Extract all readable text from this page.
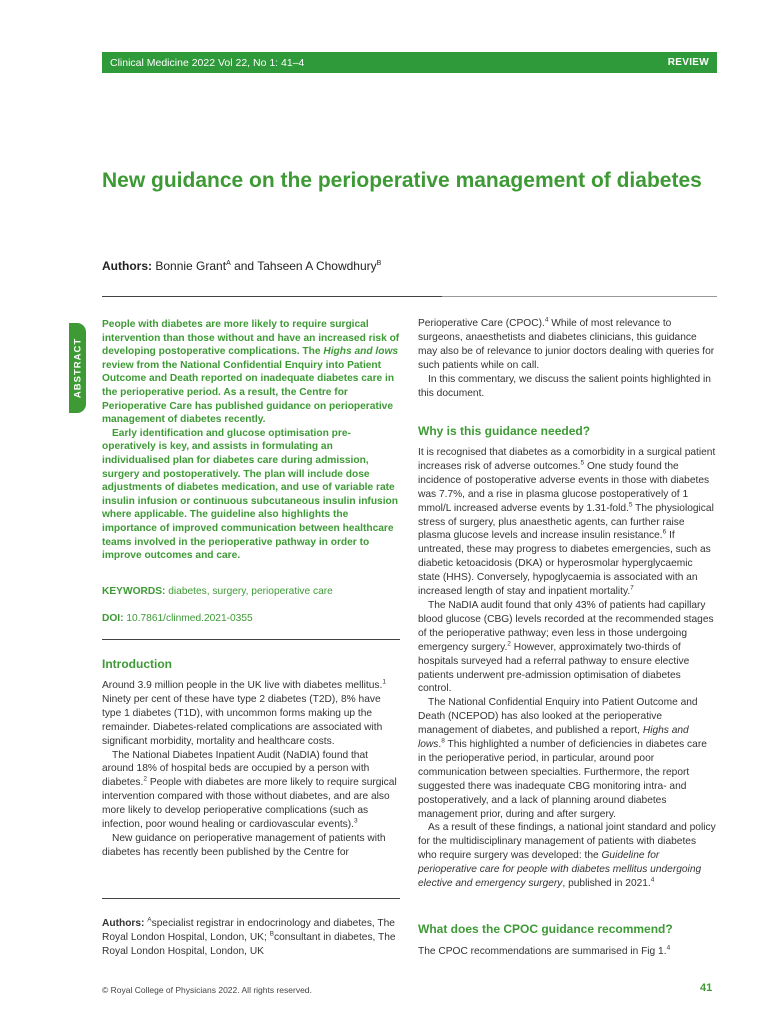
Clinical Medicine 2022 Vol 22, No 1: 41–4	REVIEW
New guidance on the perioperative management of diabetes
Authors: Bonnie Grant$^A$ and Tahseen A Chowdhury$^B$
ABSTRACT

People with diabetes are more likely to require surgical intervention than those without and have an increased risk of developing postoperative complications. The Highs and lows review from the National Confidential Enquiry into Patient Outcome and Death reported on inadequate diabetes care in the perioperative period. As a result, the Centre for Perioperative Care has published guidance on perioperative management of diabetes recently.

Early identification and glucose optimisation pre-operatively is key, and assists in formulating an individualised plan for diabetes care during admission, surgery and postoperatively. The plan will include dose adjustments of diabetes medication, and use of variable rate insulin infusion or continuous subcutaneous insulin infusion where applicable. The guideline also highlights the importance of improved communication between healthcare teams involved in the perioperative pathway in order to improve outcomes and care.

KEYWORDS: diabetes, surgery, perioperative care
DOI: 10.7861/clinmed.2021-0355
Introduction

Around 3.9 million people in the UK live with diabetes mellitus.$^1$ Ninety per cent of these have type 2 diabetes (T2D), 8% have type 1 diabetes (T1D), with uncommon forms making up the remainder. Diabetes-related complications are associated with significant morbidity, mortality and healthcare costs.

The National Diabetes Inpatient Audit (NaDIA) found that around 18% of hospital beds are occupied by a person with diabetes.$^2$ People with diabetes are more likely to require surgical intervention compared with those without diabetes, and are also more likely to develop perioperative complications (such as infection, poor wound healing or cardiovascular events).$^3$

New guidance on perioperative management of patients with diabetes has recently been published by the Centre for

Authors: $^A$specialist registrar in endocrinology and diabetes, The Royal London Hospital, London, UK; $^B$consultant in diabetes, The Royal London Hospital, London, UK

Perioperative Care (CPOC).$^4$ While of most relevance to surgeons, anaesthetists and diabetes clinicians, this guidance may also be of relevance to junior doctors dealing with queries for such patients while on call.

In this commentary, we discuss the salient points highlighted in this document.

Why is this guidance needed?

It is recognised that diabetes as a comorbidity in a surgical patient increases risk of adverse outcomes.$^5$ One study found the incidence of postoperative adverse events in those with diabetes was 7.7%, and a rise in plasma glucose postoperatively of 1 mmol/L increased adverse events by 1.31-fold.$^5$ The physiological stress of surgery, plus anaesthetic agents, can further raise plasma glucose levels and increase insulin resistance.$^6$ If untreated, these may progress to diabetes emergencies, such as diabetic ketoacidosis (DKA) or hyperosmolar hyperglycaemic state (HHS). Conversely, hypoglycaemia is associated with an increased length of stay and inpatient mortality.$^7$

The NaDIA audit found that only 43% of patients had capillary blood glucose (CBG) levels recorded at the recommended stages of the perioperative pathway; even less in those undergoing emergency surgery.$^2$ However, approximately two-thirds of hospitals surveyed had a referral pathway to ensure elective patients underwent pre-admission optimisation of diabetes control.

The National Confidential Enquiry into Patient Outcome and Death (NCEPOD) has also looked at the perioperative management of diabetes, and published a report, Highs and lows.$^8$ This highlighted a number of deficiencies in diabetes care in the perioperative period, in particular, around poor communication between specialties. Furthermore, the report suggested there was inadequate CBG monitoring intra- and postoperatively, and a lack of planning around diabetes management prior, during and after surgery.

As a result of these findings, a national joint standard and policy for the multidisciplinary management of patients with diabetes who require surgery was developed: the Guideline for perioperative care for people with diabetes mellitus undergoing elective and emergency surgery, published in 2021.$^4$

What does the CPOC guidance recommend?

The CPOC recommendations are summarised in Fig 1.$^4$

© Royal College of Physicians 2022. All rights reserved.	41
